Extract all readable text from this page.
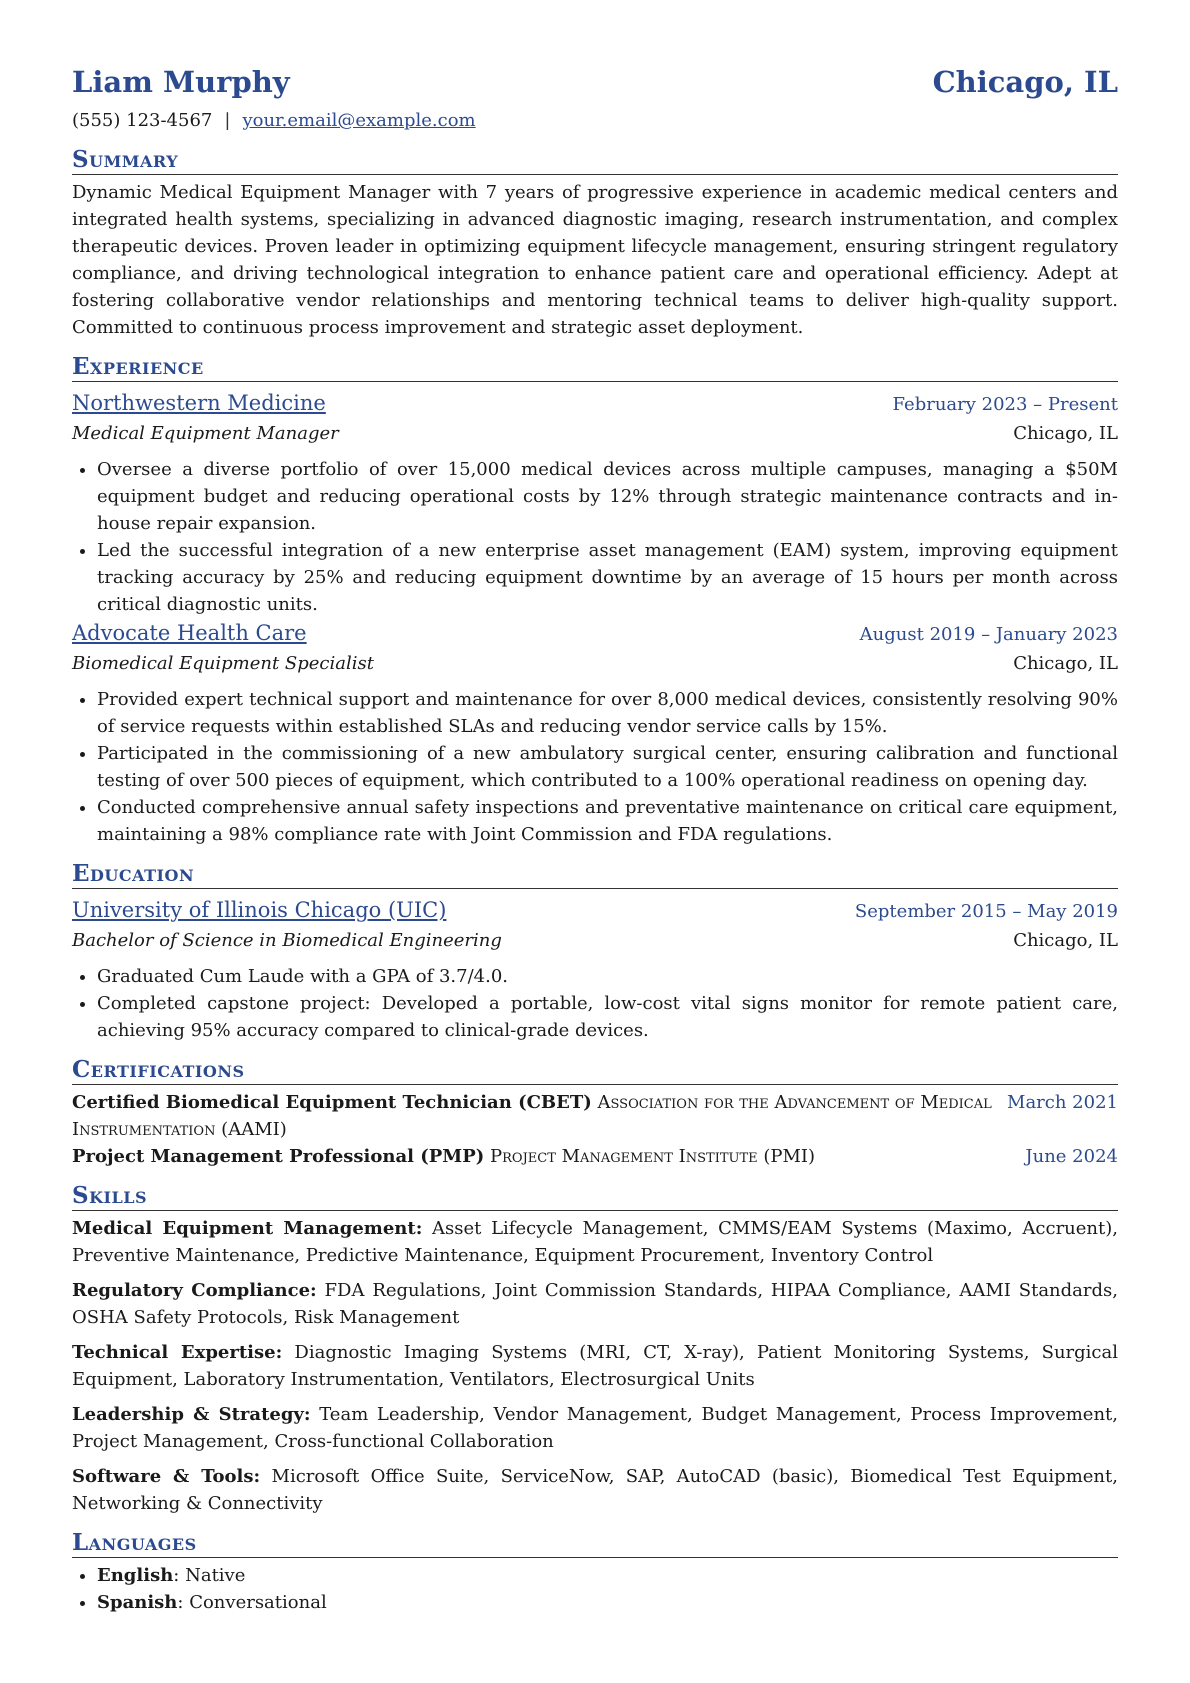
Liam Murphy	Chicago, IL
(555) 123-4567 | your.email@example.com
Summary
Dynamic Medical Equipment Manager with 7 years of progressive experience in academic medical centers and integrated health systems, specializing in advanced diagnostic imaging, research instrumentation, and complex therapeutic devices. Proven leader in optimizing equipment lifecycle management, ensuring stringent regulatory compliance, and driving technological integration to enhance patient care and operational efficiency. Adept at fostering collaborative vendor relationships and mentoring technical teams to deliver high-quality support. Committed to continuous process improvement and strategic asset deployment.
Experience
Northwestern Medicine	February 2023 – Present
Medical Equipment Manager	Chicago, IL
• Oversee a diverse portfolio of over 15,000 medical devices across multiple campuses, managing a $50M equipment budget and reducing operational costs by 12% through strategic maintenance contracts and in-house repair expansion.
• Led the successful integration of a new enterprise asset management (EAM) system, improving equipment tracking accuracy by 25% and reducing equipment downtime by an average of 15 hours per month across critical diagnostic units.
Advocate Health Care	August 2019 – January 2023
Biomedical Equipment Specialist	Chicago, IL
• Provided expert technical support and maintenance for over 8,000 medical devices, consistently resolving 90% of service requests within established SLAs and reducing vendor service calls by 15%.
• Participated in the commissioning of a new ambulatory surgical center, ensuring calibration and functional testing of over 500 pieces of equipment, which contributed to a 100% operational readiness on opening day.
• Conducted comprehensive annual safety inspections and preventative maintenance on critical care equipment, maintaining a 98% compliance rate with Joint Commission and FDA regulations.
Education
University of Illinois Chicago (UIC)	September 2015 – May 2019
Bachelor of Science in Biomedical Engineering	Chicago, IL
• Graduated Cum Laude with a GPA of 3.7/4.0.
• Completed capstone project: Developed a portable, low-cost vital signs monitor for remote patient care, achieving 95% accuracy compared to clinical-grade devices.
Certifications
Certified Biomedical Equipment Technician (CBET) Association for the Advancement of Medical Instrumentation (AAMI)
March 2021
Project Management Professional (PMP) Project Management Institute (PMI)	June 2024
Skills
Medical Equipment Management: Asset Lifecycle Management, CMMS/EAM Systems (Maximo, Accruent), Preventive Maintenance, Predictive Maintenance, Equipment Procurement, Inventory Control
Regulatory Compliance: FDA Regulations, Joint Commission Standards, HIPAA Compliance, AAMI Standards, OSHA Safety Protocols, Risk Management
Technical Expertise: Diagnostic Imaging Systems (MRI, CT, X-ray), Patient Monitoring Systems, Surgical Equipment, Laboratory Instrumentation, Ventilators, Electrosurgical Units
Leadership & Strategy: Team Leadership, Vendor Management, Budget Management, Process Improvement, Project Management, Cross-functional Collaboration
Software & Tools: Microsoft Office Suite, ServiceNow, SAP, AutoCAD (basic), Biomedical Test Equipment, Networking & Connectivity
Languages
• English: Native
• Spanish: Conversational
